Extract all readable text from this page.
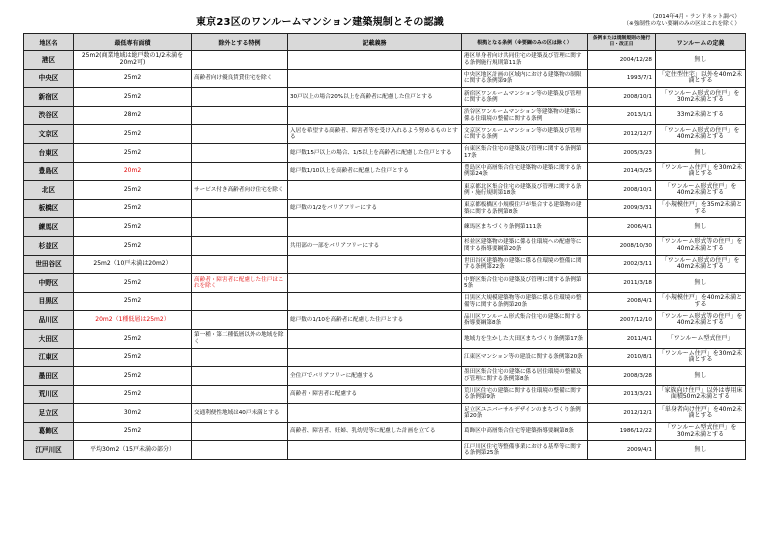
東京23区のワンルームマンション建築規制とその認識	（2014年4月・ランドネット調べ）
（※強制性のない要綱のみの区はこれを除く）
地区名	最低専有面積	除外とする特例	記載義務	根拠となる条例（※要綱のみの区は除く）	条例または規制規則の施行日・改正日	ワンルームの定義
港区	25m2(商業地域は総戸数の1/2未満を20m2可)			港区単身者向け共同住宅の建築及び管理に関する条例施行規則第11条	2004/12/28	無し
中央区	25m2	高齢者向け優良賃貸住宅を除く		中央区地区計画の区域内における建築物の制限に関する条例第9条	1993/7/1	「定住型住宅」以外を40m2未満とする
新宿区	25m2		30戸以上の場合20%以上を高齢者に配慮した住戸とする	新宿区ワンルームマンション等の建築及び管理に関する条例	2008/10/1	「ワンルーム形式の住戸」を30m2未満とする
渋谷区	28m2			渋谷区ワンルームマンション等建築物の建築に係る住環境の整備に関する条例	2013/1/1	33m2未満とする
文京区	25m2		入居を希望する高齢者、障害者等を受け入れるよう努めるものとする	文京区ワンルームマンション等の建築及び管理に関する条例	2012/12/7	「ワンルーム形式の住戸」を40m2未満とする
台東区	25m2		総戸数15戸以上の場合、1/5以上を高齢者に配慮した住戸とする	台東区集合住宅の建築及び管理に関する条例第17条	2005/3/23	無し
豊島区	20m2		総戸数1/10以上を高齢者に配慮した住戸とする	豊島区中高層集合住宅建築物の建築に関する条例第24条	2014/3/25	「ワンルーム住戸」を30m2未満とする
北区	25m2	サービス付き高齢者向け住宅を除く		東京都北区集合住宅の建築及び管理に関する条例・施行規則第18条	2008/10/1	「ワンルーム形式住戸」を40m2未満とする
板橋区	25m2		総戸数の1/2をバリアフリーにする	東京都板橋区小規模住戸が集合する建築物の建築に関する条例第8条	2009/3/31	「小規模住戸」を35m2未満とする
練馬区	25m2			練馬区まちづくり条例第111条	2006/4/1	無し
杉並区	25m2		共用部の一部をバリアフリーにする	杉並区建築物の建築に係る住環境への配慮等に関する指導要綱第20条	2008/10/30	「ワンルーム形式等の住戸」を40m2未満とする
世田谷区	25m2（10戸未満は20m2）			世田谷区建築物の建築に係る住環境の整備に関する条例第22条	2002/3/11	「ワンルーム形式の住戸」を40m2未満とする
中野区	25m2	高齢者・障害者に配慮した住戸はこれを除く		中野区集合住宅の建築及び管理に関する条例第5条	2011/3/18	無し
目黒区	25m2			目黒区大規模建築物等の建築に係る住環境の整備等に関する条例第20条	2008/4/1	「小規模住戸」を40m2未満とする
品川区	20m2（1種低層は25m2）		総戸数の1/10を高齢者に配慮した住戸とする	品川区ワンルーム形式集合住宅の建築に関する指導要綱第8条	2007/12/10	「ワンルーム形式等の住戸」を40m2未満とする
大田区	25m2	第一種・第二種低層以外の地域を除く		地域力を生かした大田区まちづくり条例第17条	2011/4/1	「ワンルーム型式住戸」
江東区	25m2			江東区マンション等の建設に関する条例第20条	2010/8/1	「ワンルーム住戸」を30m2未満とする
墨田区	25m2		全住戸でバリアフリーに配慮する	墨田区集合住宅の建築に係る居住環境の整備及び管理に関する条例第8条	2008/3/28	無し
荒川区	25m2		高齢者・障害者に配慮する	荒川区住宅の建築に関する住環境の整備に関する条例第9条	2013/3/21	「家族向け住戸」以外は専用床面積50m2未満とする
足立区	30m2	交通利便性地域は40戸未満とする		足立区ユニバーサルデザインのまちづくり条例第20条	2012/12/1	「単身者向け住戸」を40m2未満とする
葛飾区	25m2		高齢者、障害者、妊婦、乳幼児等に配慮した計画を立てる	葛飾区中高層集合住宅等建築指導要綱第8条	1986/12/22	「ワンルーム型式住戸」を30m2未満とする
江戸川区	平均30m2（15戸未満の部分）			江戸川区住宅等整備事業における基準等に関する条例第25条	2009/4/1	無し
